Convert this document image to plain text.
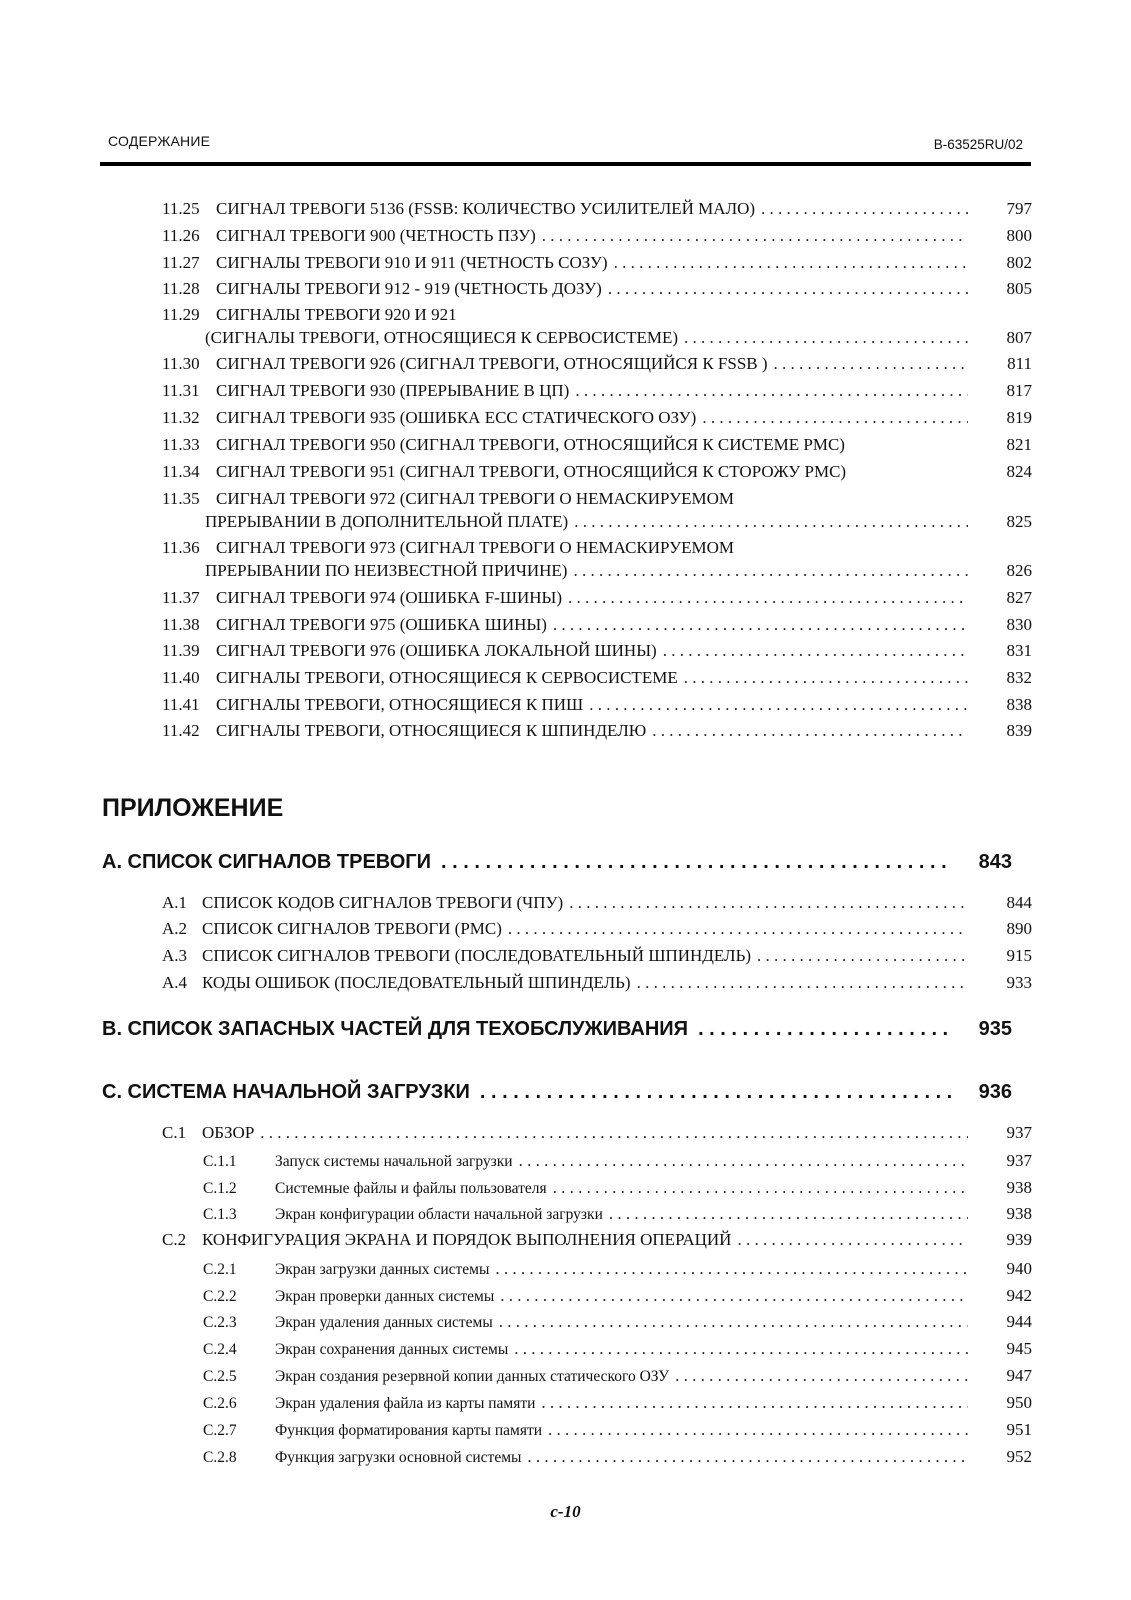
СОДЕРЖАНИЕ	B-63525RU/02
11.25 СИГНАЛ ТРЕВОГИ 5136 (FSSB: КОЛИЧЕСТВО УСИЛИТЕЛЕЙ МАЛО) . . .	797
11.26 СИГНАЛ ТРЕВОГИ 900 (ЧЕТНОСТЬ ПЗУ) . . .	800
11.27 СИГНАЛЫ ТРЕВОГИ 910 И 911 (ЧЕТНОСТЬ СОЗУ) . . .	802
11.28 СИГНАЛЫ ТРЕВОГИ 912 - 919 (ЧЕТНОСТЬ ДОЗУ) . . .	805
11.29 СИГНАЛЫ ТРЕВОГИ 920 И 921
(СИГНАЛЫ ТРЕВОГИ, ОТНОСЯЩИЕСЯ К СЕРВОСИСТЕМЕ) . . .	807
11.30 СИГНАЛ ТРЕВОГИ 926 (СИГНАЛ ТРЕВОГИ, ОТНОСЯЩИЙСЯ К FSSB ) . . .	811
11.31 СИГНАЛ ТРЕВОГИ 930 (ПРЕРЫВАНИЕ В ЦП) . . .	817
11.32 СИГНАЛ ТРЕВОГИ 935 (ОШИБКА ECC СТАТИЧЕСКОГО ОЗУ) . . .	819
11.33 СИГНАЛ ТРЕВОГИ 950 (СИГНАЛ ТРЕВОГИ, ОТНОСЯЩИЙСЯ К СИСТЕМЕ PMC)	821
11.34 СИГНАЛ ТРЕВОГИ 951 (СИГНАЛ ТРЕВОГИ, ОТНОСЯЩИЙСЯ К СТОРОЖУ PMC)	824
11.35 СИГНАЛ ТРЕВОГИ 972 (СИГНАЛ ТРЕВОГИ О НЕМАСКИРУЕМОМ
ПРЕРЫВАНИИ В ДОПОЛНИТЕЛЬНОЙ ПЛАТЕ) . . .	825
11.36 СИГНАЛ ТРЕВОГИ 973 (СИГНАЛ ТРЕВОГИ О НЕМАСКИРУЕМОМ
ПРЕРЫВАНИИ ПО НЕИЗВЕСТНОЙ ПРИЧИНЕ) . . .	826
11.37 СИГНАЛ ТРЕВОГИ 974 (ОШИБКА F-ШИНЫ) . . .	827
11.38 СИГНАЛ ТРЕВОГИ 975 (ОШИБКА ШИНЫ) . . .	830
11.39 СИГНАЛ ТРЕВОГИ 976 (ОШИБКА ЛОКАЛЬНОЙ ШИНЫ) . . .	831
11.40 СИГНАЛЫ ТРЕВОГИ, ОТНОСЯЩИЕСЯ К СЕРВОСИСТЕМЕ . . .	832
11.41 СИГНАЛЫ ТРЕВОГИ, ОТНОСЯЩИЕСЯ К ПИШ . . .	838
11.42 СИГНАЛЫ ТРЕВОГИ, ОТНОСЯЩИЕСЯ К ШПИНДЕЛЮ . . .	839
ПРИЛОЖЕНИЕ
A. СПИСОК СИГНАЛОВ ТРЕВОГИ . . .	843
A.1 СПИСОК КОДОВ СИГНАЛОВ ТРЕВОГИ (ЧПУ) . . .	844
A.2 СПИСОК СИГНАЛОВ ТРЕВОГИ (PMC) . . .	890
A.3 СПИСОК СИГНАЛОВ ТРЕВОГИ (ПОСЛЕДОВАТЕЛЬНЫЙ ШПИНДЕЛЬ) . . .	915
A.4 КОДЫ ОШИБОК (ПОСЛЕДОВАТЕЛЬНЫЙ ШПИНДЕЛЬ) . . .	933
B. СПИСОК ЗАПАСНЫХ ЧАСТЕЙ ДЛЯ ТЕХОБСЛУЖИВАНИЯ . . .	935
C. СИСТЕМА НАЧАЛЬНОЙ ЗАГРУЗКИ . . .	936
C.1 ОБЗОР . . .	937
C.1.1	Запуск системы начальной загрузки . . .	937
C.1.2	Системные файлы и файлы пользователя . . .	938
C.1.3	Экран конфигурации области начальной загрузки . . .	938
C.2 КОНФИГУРАЦИЯ ЭКРАНА И ПОРЯДОК ВЫПОЛНЕНИЯ ОПЕРАЦИЙ . . .	939
C.2.1	Экран загрузки данных системы . . .	940
C.2.2	Экран проверки данных системы . . .	942
C.2.3	Экран удаления данных системы . . .	944
C.2.4	Экран сохранения данных системы . . .	945
C.2.5	Экран создания резервной копии данных статического ОЗУ . . .	947
C.2.6	Экран удаления файла из карты памяти . . .	950
C.2.7	Функция форматирования карты памяти . . .	951
C.2.8	Функция загрузки основной системы . . .	952
c-10
